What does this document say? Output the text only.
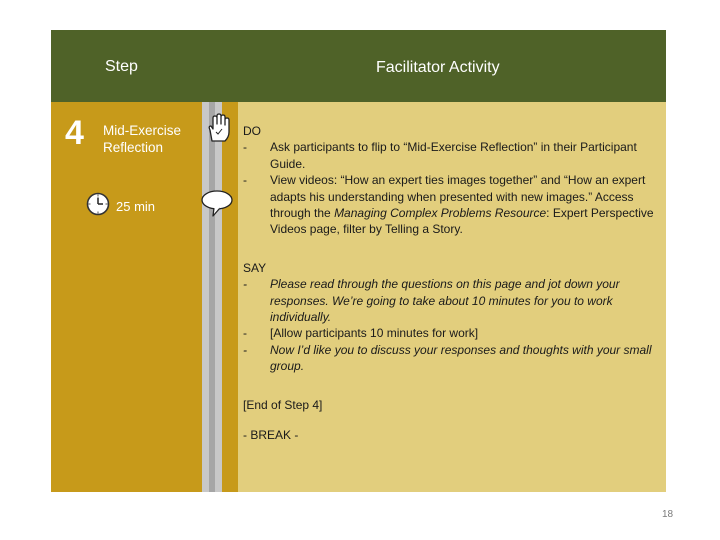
Step	Facilitator Activity
4 Mid-Exercise Reflection
25 min
DO
- Ask participants to flip to “Mid-Exercise Reflection” in their Participant Guide.
- View videos: “How an expert ties images together” and “How an expert adapts his understanding when presented with new images.” Access through the Managing Complex Problems Resource: Expert Perspective Videos page, filter by Telling a Story.
SAY
- Please read through the questions on this page and jot down your responses. We’re going to take about 10 minutes for you to work individually.
- [Allow participants 10 minutes for work]
- Now I’d like you to discuss your responses and thoughts with your small group.
[End of Step 4]
- BREAK -
18
